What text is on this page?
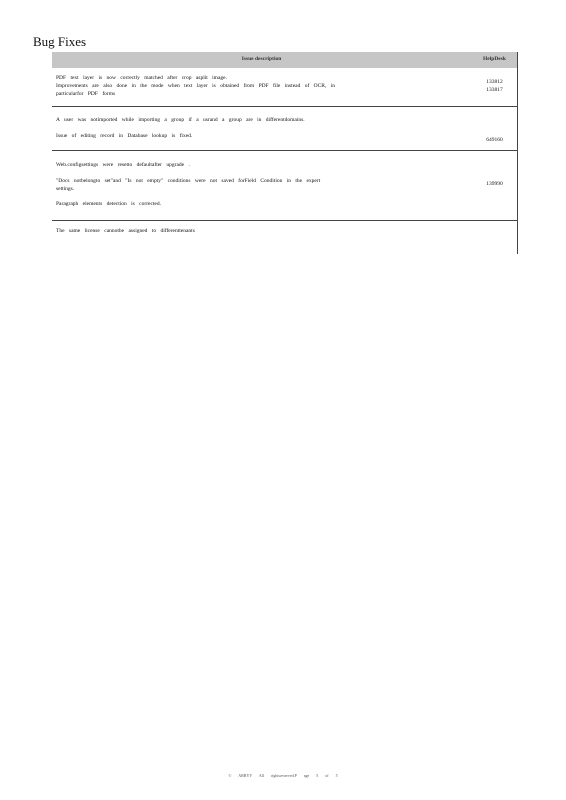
Bug Fixes
Issue description	HelpDesk

PDF text layer is now correctly matched after crop asplit image.
Improvements are also done in the mode when text layer is obtained from PDF file instead of OCR, in
particularfor PDF forms	133812
133817

A user was notimported while importing a group if a usrand a group are in differentdomains.
Issue of editing record in Database lookup is fixed.	649160

Web.configsettings were resetto defaultafter upgrade .
"Docs notbelongto set"and "Is not empty" conditions were not saved forField Condition in the expert
settings.
Paragraph elements detection is corrected.	139990

The same license cannotbe assigned to differenttenants	

© ABBYY All rightsreserved.P age 5 of 5
